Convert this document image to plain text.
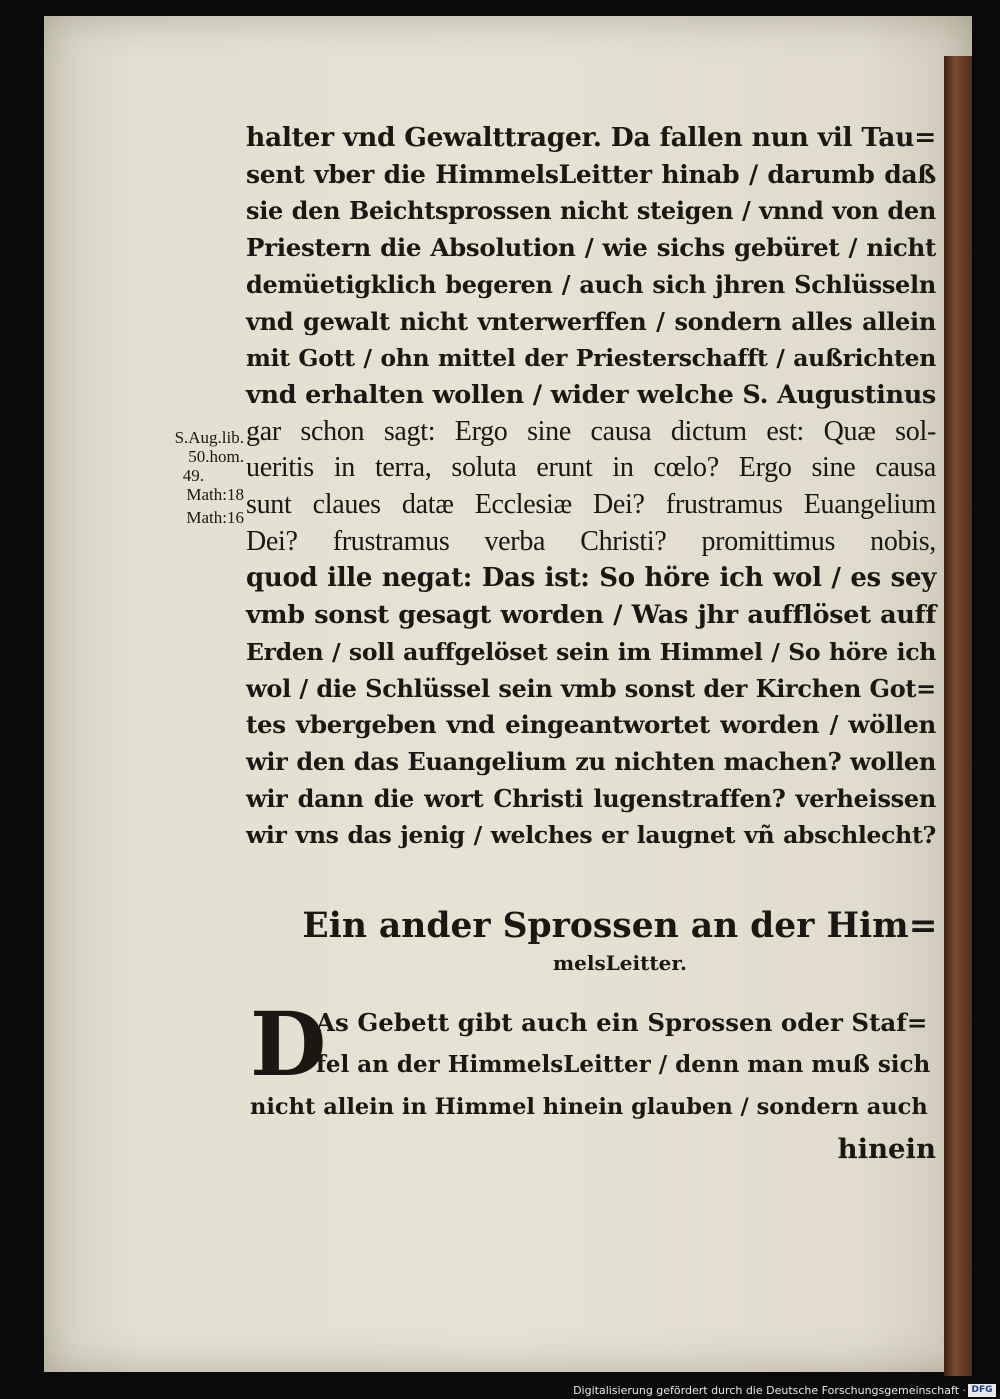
halter vnd Gewalttrager. Da fallen nun vil Tau=
sent vber die HimmelsLeitter hinab / darumb daß
sie den Beichtsprossen nicht steigen / vnnd von den
Priestern die Absolution / wie sichs gebüret / nicht
demüetigklich begeren / auch sich jhren Schlüsseln
vnd gewalt nicht vnterwerffen / sondern alles allein
mit Gott / ohn mittel der Priesterschafft / außrichten
vnd erhalten wollen / wider welche S. Augustinus
gar schon sagt: Ergo sine causa dictum est: Quæ sol-
ueritis in terra, soluta erunt in cœlo? Ergo sine causa
sunt claues datæ Ecclesiæ Dei? frustramus Euangelium
Dei? frustramus verba Christi? promittimus nobis,
quod ille negat: Das ist: So höre ich wol / es sey
vmb sonst gesagt worden / Was jhr aufflöset auff
Erden / soll auffgelöset sein im Himmel / So höre ich
wol / die Schlüssel sein vmb sonst der Kirchen Got=
tes vbergeben vnd eingeantwortet worden / wöllen
wir den das Euangelium zu nichten machen? wollen
wir dann die wort Christi lugenstraffen? verheissen
wir vns das jenig / welches er laugnet vñ abschlecht?
S.Aug.lib.
50.hom.
49.
Math:18
Math:16
Ein ander Sprossen an der Him=
melsLeitter.
D
As Gebett gibt auch ein Sprossen oder Staf=
fel an der HimmelsLeitter / denn man muß sich
nicht allein in Himmel hinein glauben / sondern auch
hinein
Digitalisierung gefördert durch die Deutsche Forschungsgemeinschaft · DFG
